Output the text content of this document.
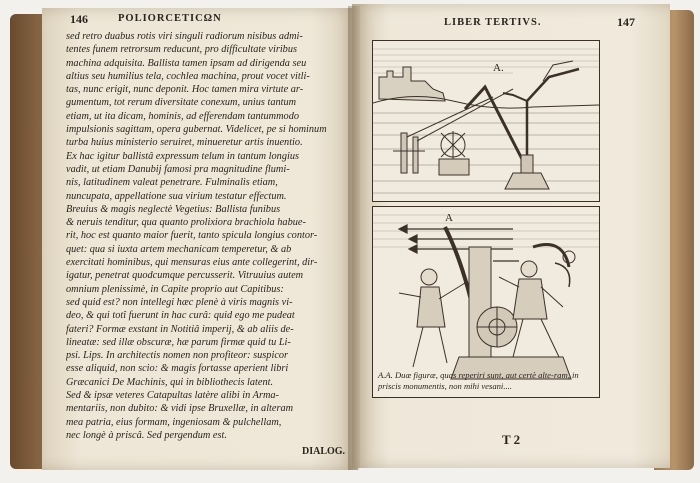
146	POLIORCETICΩN
sed retro duabus rotis viri singuli radiorum nisibus admi-
tentes funem retrorsum reducunt, pro difficultate viribus
machina adquisita. Ballista tamen ipsam ad dirigenda seu
altius seu humilius tela, cochlea machina, prout vocet vitli-
tas, nunc erigit, nunc deponit. Hoc tamen mira virtute ar-
gumentum, tot rerum diversitate conexum, unius tantum
etiam, ut ita dicam, hominis, ad efferendam tantummodo
impulsionis sagittam, opera gubernat. Videlicet, pe si hominum
turba huius ministerio seruiret, minueretur artis inuentio.
Ex hac igitur ballistâ expressum telum in tantum longius
vadit, ut etiam Danubij famosi pra magnitudine flumi-
nis, latitudinem valeat penetrare. Fulminalis etiam,
nuncupata, appellatione sua virium testatur effectum.
Breuius & magis neglectè Vegetius: Ballista funibus
& neruis tenditur, qua quanto prolixiora brachiola habue-
rit, hoc est quanto maior fuerit, tanto spicula longius contor-
quet: qua si iuxta artem mechanicam temperetur, & ab
exercitati hominibus, qui mensuras eius ante collegerint, dir-
igatur, penetrat quodcumque percusserit. Vitruuius autem
omnium plenissimè, in Capite proprio aut Capitibus:
sed quid est? non intellegi hæc plenè à viris magnis vi-
deo, & qui totî fuerunt in hac curâ: quid ego me pudeat
fateri? Formæ exstant in Notitiâ imperij, & ab aliis de-
lineatæ: sed illæ obscuræ, hæ parum firmæ quid tu Li-
psi. Lips. In architectis nomen non profiteor: suspicor
esse aliquid, non scio: & magis fortasse aperient libri
Græcanici De Machinis, qui in bibliothecis latent.
Sed & ipsæ veteres Catapultas latère alibi in Arma-
mentariis, non dubito: & vidi ipse Bruxellæ, in alteram
mea patria, eius formam, ingeniosam & pulchellam,
nec longè à priscâ. Sed pergendum est.
DIALOG.
LIBER TERTIVS.	147
A.
A
A.A. Duæ figuræ, quas reperiri sunt, aut certè alte-ram, in priscis monumentis, non mihi vesani....
T 2
